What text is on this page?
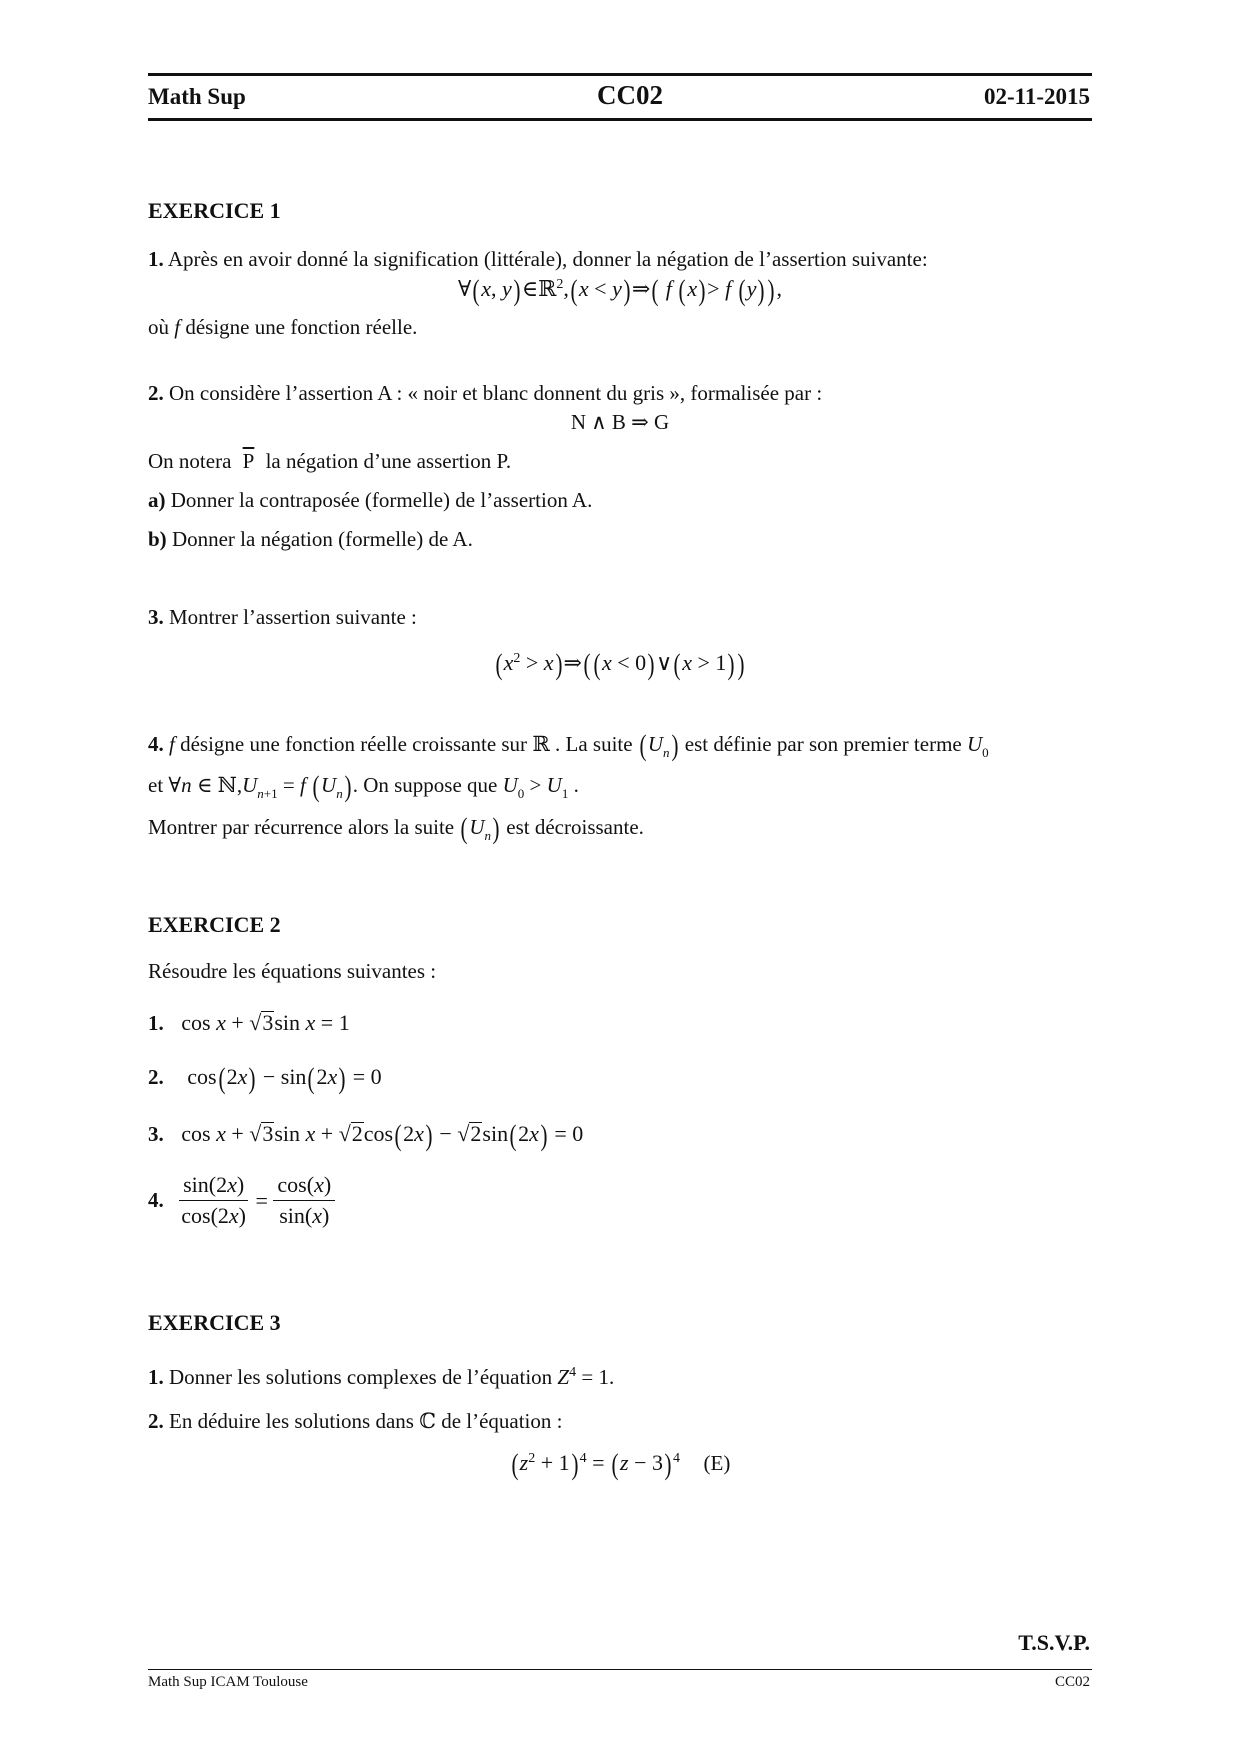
Math Sup	CC02	02-11-2015
EXERCICE 1
1. Après en avoir donné la signification (littérale), donner la négation de l’assertion suivante:
∀(x, y)∈ℝ$^2$,(x < y)⇒( f (x)> f (y) ),
où f désigne une fonction réelle.
2. On considère l’assertion A : « noir et blanc donnent du gris », formalisée par :
N ∧ B ⇒ G
On notera $\overline{P}$ la négation d’une assertion P.
a) Donner la contraposée (formelle) de l’assertion A.
b) Donner la négation (formelle) de A.
3. Montrer l’assertion suivante :
($x^2$ > x)⇒( (x < 0)∨(x > 1) )
4. f désigne une fonction réelle croissante sur ℝ . La suite $(U_n)$ est définie par son premier terme $U_0$
et ∀n ∈ $ℕ,U_{n+1} = f$ $(U_n)$. On suppose que $U_0 > U_1$ .
Montrer par récurrence alors la suite $(U_n)$ est décroissante.
EXERCICE 2
Résoudre les équations suivantes :
1. cos x + √3sin x = 1
2. cos(2x) − sin(2x) = 0
3. cos x + √3sin x + √2cos(2x) − √2sin(2x) = 0
4. $\frac{\sin(2x)}{\cos(2x)} = \frac{\cos(x)}{\sin(x)}$
EXERCICE 3
1. Donner les solutions complexes de l’équation $Z^4 = 1$.
2. En déduire les solutions dans ℂ de l’équation :
$(z^2 + 1) ^4 = (z - 3)$ $^4$ (E)
T.S.V.P.
Math Sup ICAM Toulouse	CC02
